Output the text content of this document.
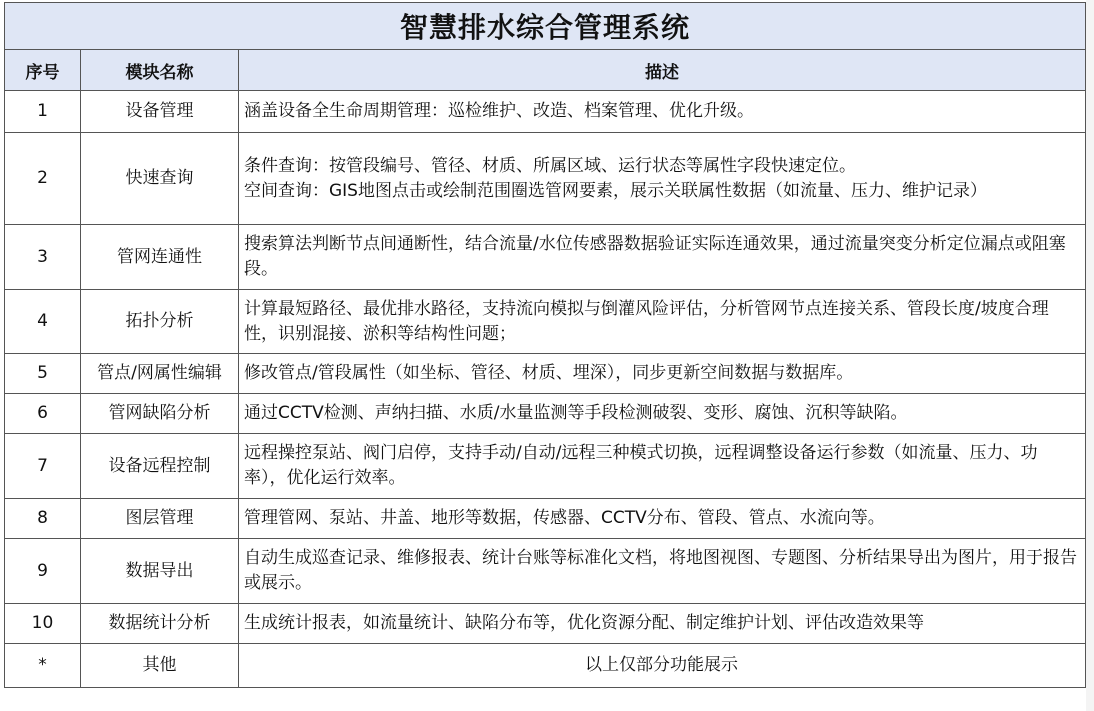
智慧排水综合管理系统		
序号	模块名称	描述
1	设备管理	涵盖设备全生命周期管理：巡检维护、改造、档案管理、优化升级。

2	快速查询	条件查询：按管段编号、管径、材质、所属区域、运行状态等属性字段快速定位。
空间查询：GIS地图点击或绘制范围圈选管网要素，展示关联属性数据（如流量、压力、维护记录）

3	管网连通性	搜索算法判断节点间通断性，结合流量/水位传感器数据验证实际连通效果，通过流量突变分析定位漏点或阻塞段。

4	拓扑分析	计算最短路径、最优排水路径，支持流向模拟与倒灌风险评估，分析管网节点连接关系、管段长度/坡度合理性，识别混接、淤积等结构性问题；

5	管点/网属性编辑	修改管点/管段属性（如坐标、管径、材质、埋深），同步更新空间数据与数据库。

6	管网缺陷分析	通过CCTV检测、声纳扫描、水质/水量监测等手段检测破裂、变形、腐蚀、沉积等缺陷。

7	设备远程控制	远程操控泵站、阀门启停，支持手动/自动/远程三种模式切换，远程调整设备运行参数（如流量、压力、功率），优化运行效率。

8	图层管理	管理管网、泵站、井盖、地形等数据，传感器、CCTV分布、管段、管点、水流向等。

9	数据导出	自动生成巡查记录、维修报表、统计台账等标准化文档，将地图视图、专题图、分析结果导出为图片，用于报告或展示。

10	数据统计分析	生成统计报表，如流量统计、缺陷分布等，优化资源分配、制定维护计划、评估改造效果等

*	其他	以上仅部分功能展示
